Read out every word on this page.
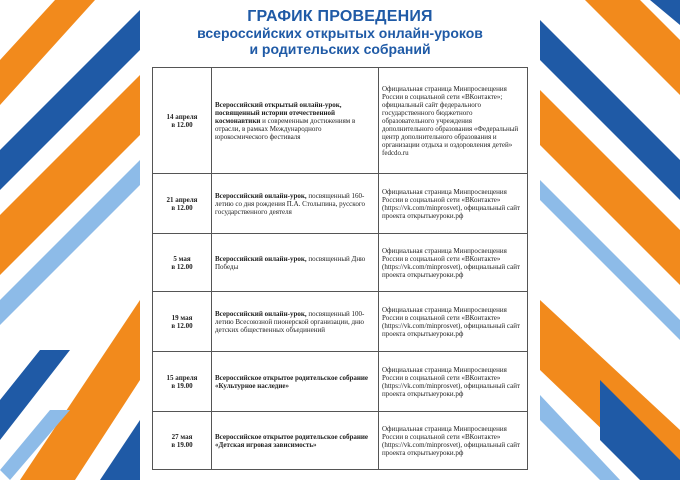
ГРАФИК ПРОВЕДЕНИЯ
всероссийских открытых онлайн-уроков
и родительских собраний
14 апреля
в 12.00	Всероссийский открытый онлайн-урок, посвященный истории отечественной космонавтики и современным достижениям в отрасли, в рамках Международного юрокосмического фестиваля	Официальная страница Минпросвещения России в социальной сети «ВКонтакте»; официальный сайт федерального государственного бюджетного образовательного учреждения дополнительного образования «Федеральный центр дополнительного образования и организации отдыха и оздоровления детей» fedcdo.ru

21 апреля
в 12.00	Всероссийский онлайн-урок, посвященный 160-летию со дня рождения П.А. Столыпина, русского государственного деятеля	Официальная страница Минпросвещения России в социальной сети «ВКонтакте» (https://vk.com/minprosvet), официальный сайт проекта открытыеуроки.рф

5 мая
в 12.00	Всероссийский онлайн-урок, посвященный Дню Победы	Официальная страница Минпросвещения России в социальной сети «ВКонтакте» (https://vk.com/minprosvet), официальный сайт проекта открытыеуроки.рф

19 мая
в 12.00	Всероссийский онлайн-урок, посвященный 100-летию Всесоюзной пионерской организации, дню детских общественных объединений	Официальная страница Минпросвещения России в социальной сети «ВКонтакте» (https://vk.com/minprosvet), официальный сайт проекта открытыеуроки.рф

15 апреля
в 19.00	Всероссийское открытое родительское собрание «Культурное наследие»	Официальная страница Минпросвещения России в социальной сети «ВКонтакте» (https://vk.com/minprosvet), официальный сайт проекта открытыеуроки.рф

27 мая
в 19.00	Всероссийское открытое родительское собрание «Детская игровая зависимость»	Официальная страница Минпросвещения России в социальной сети «ВКонтакте» (https://vk.com/minprosvet), официальный сайт проекта открытыеуроки.рф
